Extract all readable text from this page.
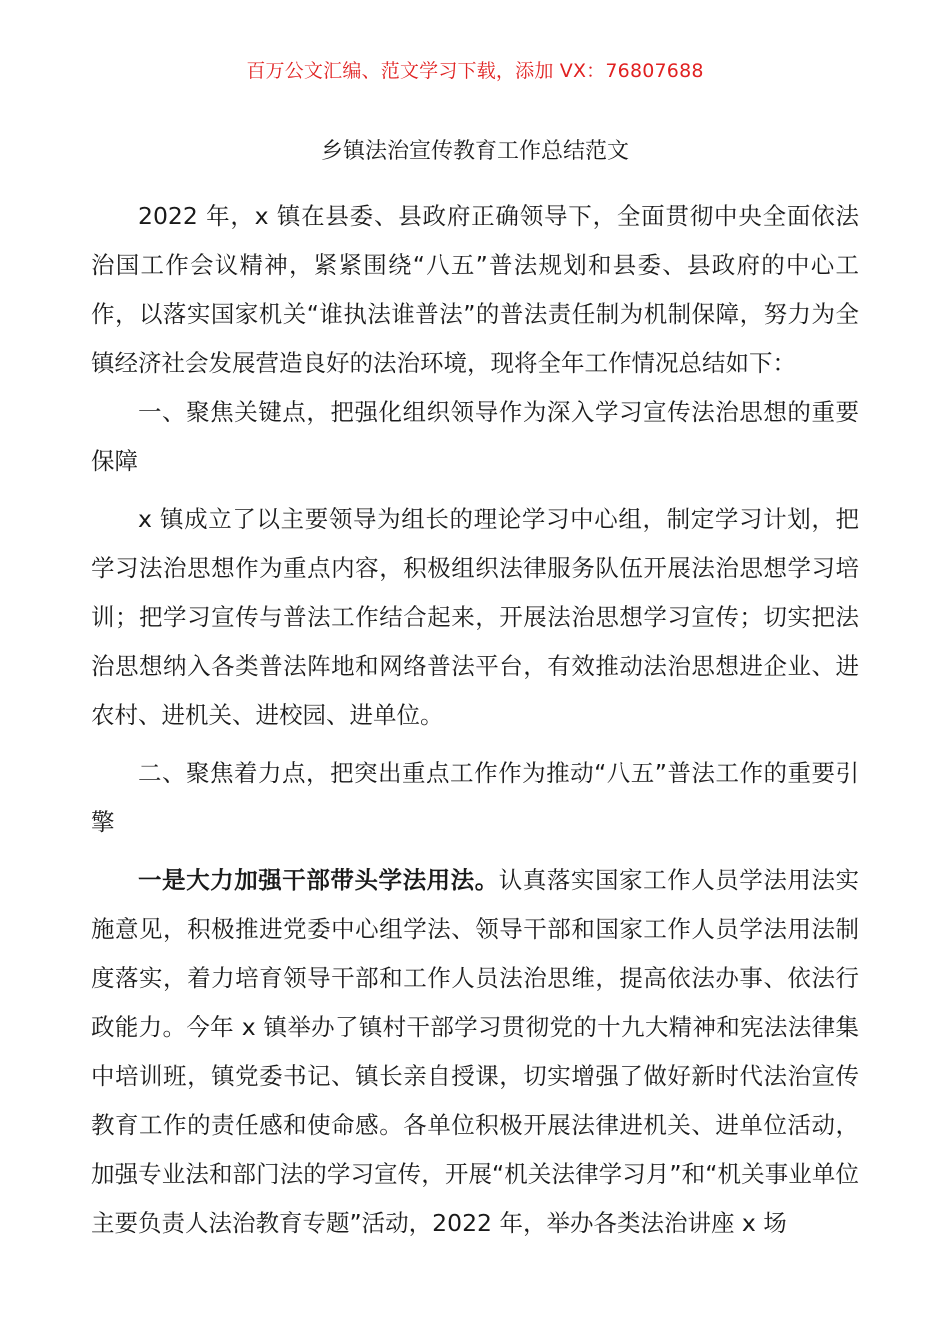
百万公文汇编、范文学习下载，添加 VX：76807688
乡镇法治宣传教育工作总结范文

2022 年，x 镇在县委、县政府正确领导下，全面贯彻中央全面依法治国工作会议精神，紧紧围绕“八五”普法规划和县委、县政府的中心工作，以落实国家机关“谁执法谁普法”的普法责任制为机制保障，努力为全镇经济社会发展营造良好的法治环境，现将全年工作情况总结如下：

一、聚焦关键点，把强化组织领导作为深入学习宣传法治思想的重要保障

x 镇成立了以主要领导为组长的理论学习中心组，制定学习计划，把学习法治思想作为重点内容，积极组织法律服务队伍开展法治思想学习培训；把学习宣传与普法工作结合起来，开展法治思想学习宣传；切实把法治思想纳入各类普法阵地和网络普法平台，有效推动法治思想进企业、进农村、进机关、进校园、进单位。

二、聚焦着力点，把突出重点工作作为推动“八五”普法工作的重要引擎

一是大力加强干部带头学法用法。认真落实国家工作人员学法用法实施意见，积极推进党委中心组学法、领导干部和国家工作人员学法用法制度落实，着力培育领导干部和工作人员法治思维，提高依法办事、依法行政能力。今年 x 镇举办了镇村干部学习贯彻党的十九大精神和宪法法律集中培训班，镇党委书记、镇长亲自授课，切实增强了做好新时代法治宣传教育工作的责任感和使命感。各单位积极开展法律进机关、进单位活动，加强专业法和部门法的学习宣传，开展“机关法律学习月”和“机关事业单位主要负责人法治教育专题”活动，2022 年，举办各类法治讲座 x 场
